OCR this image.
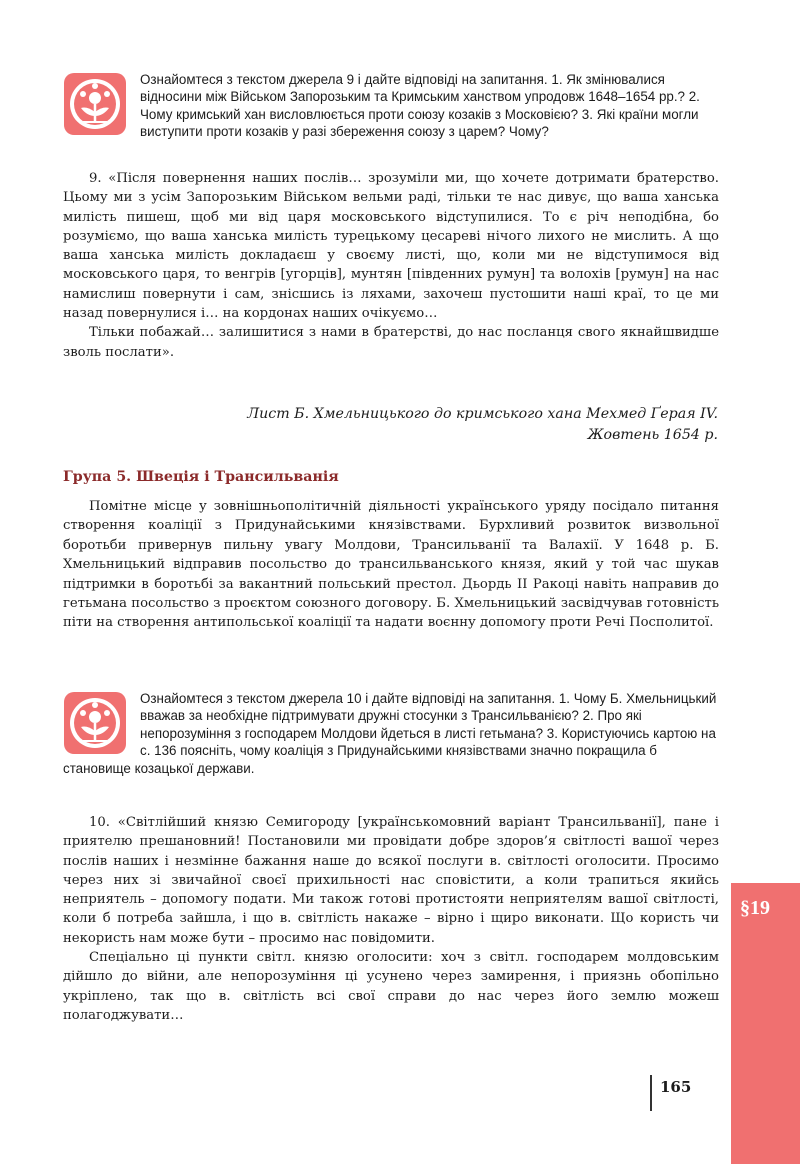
§19
Ознайомтеся з текстом джерела 9 і дайте відповіді на запитання. 1. Як змінювалися відносини між Військом Запорозьким та Кримським ханством упродовж 1648–1654 рр.? 2. Чому кримський хан висловлюється проти союзу козаків з Московією? 3. Які країни могли виступити проти козаків у разі збереження союзу з царем? Чому?

9. «Після повернення наших послів… зрозуміли ми, що хочете дотримати братерство. Цьому ми з усім Запорозьким Військом вельми раді, тільки те нас дивує, що ваша ханська милість пишеш, щоб ми від царя московського відступилися. То є річ неподібна, бо розуміємо, що ваша ханська милість турецькому цесареві нічого лихого не мислить. А що ваша ханська милість докладаєш у своєму листі, що, коли ми не відступимося від московського царя, то венгрів [угорців], мунтян [південних румун] та волохів [румун] на нас намислиш повернути і сам, знісшись із ляхами, захочеш пустошити наші краї, то це ми назад повернулися і… на кордонах наших очікуємо…

Тільки побажай… залишитися з нами в братерстві, до нас посланця свого якнайшвидше зволь послати».

Лист Б. Хмельницького до кримського хана Мехмед Ґерая IV.
Жовтень 1654 р.
Група 5. Швеція і Трансильванія

Помітне місце у зовнішньополітичній діяльності українського уряду посідало питання створення коаліції з Придунайськими князівствами. Бурхливий розвиток визвольної боротьби привернув пильну увагу Молдови, Трансильванії та Валахії. У 1648 р. Б. Хмельницький відправив посольство до трансильванського князя, який у той час шукав підтримки в боротьбі за вакантний польський престол. Дьордь II Ракоці навіть направив до гетьмана посольство з проєктом союзного договору. Б. Хмельницький засвідчував готовність піти на створення антипольської коаліції та надати воєнну допомогу проти Речі Посполитої.

Ознайомтеся з текстом джерела 10 і дайте відповіді на запитання. 1. Чому Б. Хмельницький вважав за необхідне підтримувати дружні стосунки з Трансильванією? 2. Про які непорозуміння з господарем Молдови йдеться в листі гетьмана? 3. Користуючись картою на с. 136 поясніть, чому коаліція з Придунайськими князівствами значно покращила б становище козацької держави.

10. «Світлійший князю Семигороду [українськомовний варіант Трансильванії], пане і приятелю прешановний! Постановили ми провідати добре здоров’я світлості вашої через послів наших і незмінне бажання наше до всякої послуги в. світлості оголосити. Просимо через них зі звичайної своєї прихильності нас сповістити, а коли трапиться якийсь неприятель – допомогу подати. Ми також готові протистояти неприятелям вашої світлості, коли б потреба зайшла, і що в. світлість накаже – вірно і щиро виконати. Що користь чи некористь нам може бути – просимо нас повідомити.

Спеціально ці пункти світл. князю оголосити: хоч з світл. господарем молдовським дійшло до війни, але непорозуміння ці усунено через замирення, і приязнь обопільно укріплено, так що в. світлість всі свої справи до нас через його землю можеш полагоджувати…

165
